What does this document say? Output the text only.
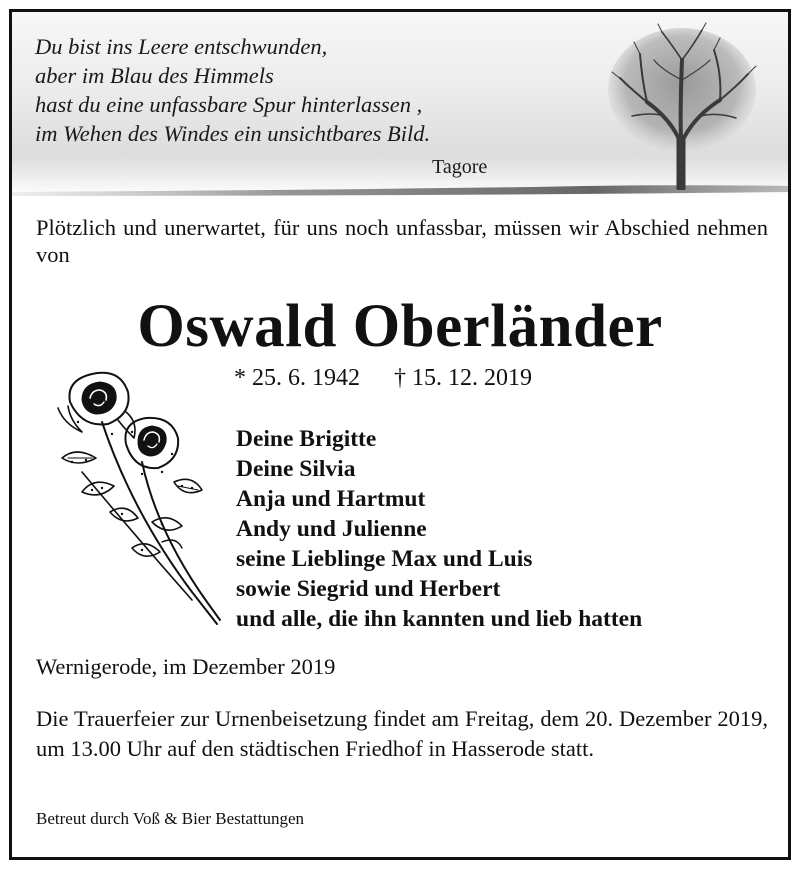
Du bist ins Leere entschwunden,

aber im Blau des Himmels

hast du eine unfassbare Spur hinterlassen ,

im Wehen des Windes ein unsichtbares Bild.

Tagore
Plötzlich und unerwartet, für uns noch unfassbar, müssen wir Abschied nehmen von
Oswald Oberländer
* 25. 6. 1942 † 15. 12. 2019
Deine Brigitte
Deine Silvia
Anja und Hartmut
Andy und Julienne
seine Lieblinge Max und Luis
sowie Siegrid und Herbert
und alle, die ihn kannten und lieb hatten
Wernigerode, im Dezember 2019
Die Trauerfeier zur Urnenbeisetzung findet am Freitag, dem 20. Dezember 2019, um 13.00 Uhr auf den städtischen Friedhof in Hasserode statt.
Betreut durch Voß & Bier Bestattungen
